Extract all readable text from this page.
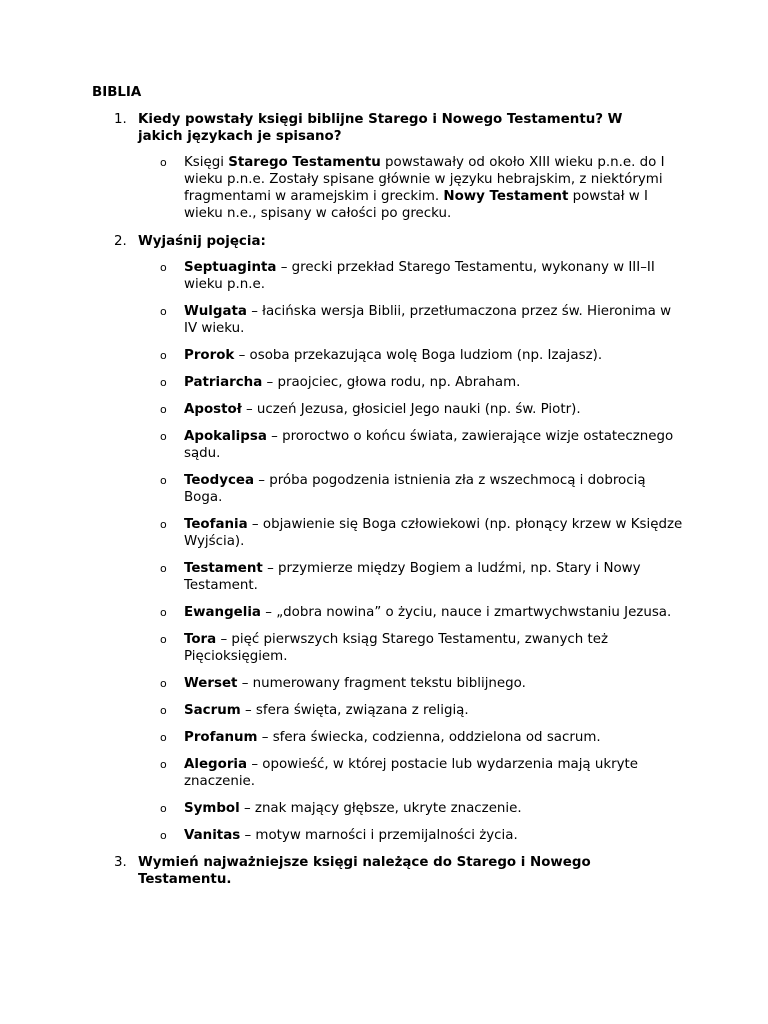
BIBLIA
1. Kiedy powstały księgi biblijne Starego i Nowego Testamentu? W jakich językach je spisano?
o Księgi Starego Testamentu powstawały od około XIII wieku p.n.e. do I wieku p.n.e. Zostały spisane głównie w języku hebrajskim, z niektórymi fragmentami w aramejskim i greckim. Nowy Testament powstał w I wieku n.e., spisany w całości po grecku.
2. Wyjaśnij pojęcia:
o Septuaginta – grecki przekład Starego Testamentu, wykonany w III–II wieku p.n.e.
o Wulgata – łacińska wersja Biblii, przetłumaczona przez św. Hieronima w IV wieku.
o Prorok – osoba przekazująca wolę Boga ludziom (np. Izajasz).
o Patriarcha – praojciec, głowa rodu, np. Abraham.
o Apostoł – uczeń Jezusa, głosiciel Jego nauki (np. św. Piotr).
o Apokalipsa – proroctwo o końcu świata, zawierające wizje ostatecznego sądu.
o Teodycea – próba pogodzenia istnienia zła z wszechmocą i dobrocią Boga.
o Teofania – objawienie się Boga człowiekowi (np. płonący krzew w Księdze Wyjścia).
o Testament – przymierze między Bogiem a ludźmi, np. Stary i Nowy Testament.
o Ewangelia – „dobra nowina” o życiu, nauce i zmartwychwstaniu Jezusa.
o Tora – pięć pierwszych ksiąg Starego Testamentu, zwanych też Pięcioksięgiem.
o Werset – numerowany fragment tekstu biblijnego.
o Sacrum – sfera święta, związana z religią.
o Profanum – sfera świecka, codzienna, oddzielona od sacrum.
o Alegoria – opowieść, w której postacie lub wydarzenia mają ukryte znaczenie.
o Symbol – znak mający głębsze, ukryte znaczenie.
o Vanitas – motyw marności i przemijalności życia.
3. Wymień najważniejsze księgi należące do Starego i Nowego Testamentu.
